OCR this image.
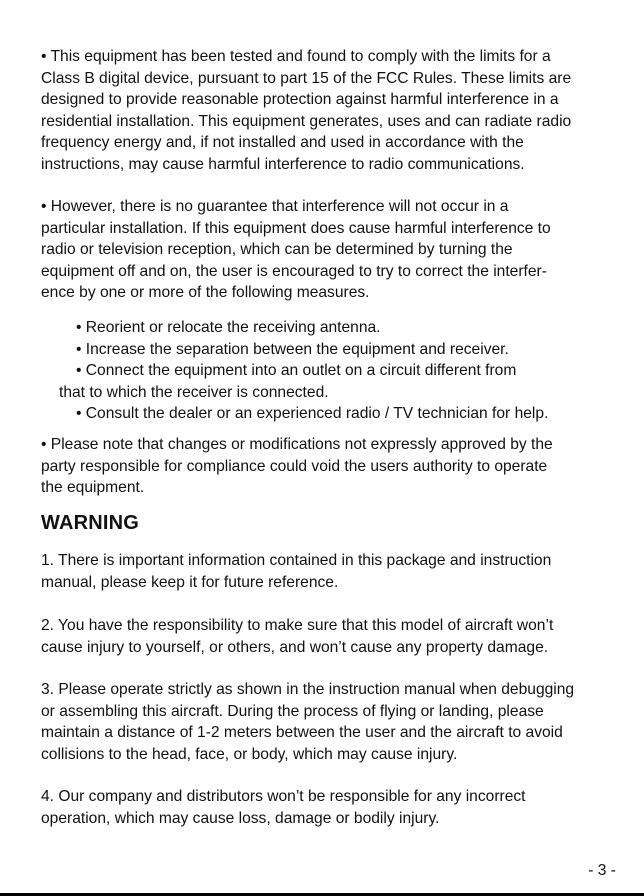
• This equipment has been tested and found to comply with the limits for a
Class B digital device, pursuant to part 15 of the FCC Rules. These limits are
designed to provide reasonable protection against harmful interference in a
residential installation. This equipment generates, uses and can radiate radio
frequency energy and, if not installed and used in accordance with the
instructions, may cause harmful interference to radio communications.
• However, there is no guarantee that interference will not occur in a
particular installation. If this equipment does cause harmful interference to
radio or television reception, which can be determined by turning the
equipment off and on, the user is encouraged to try to correct the interfer-
ence by one or more of the following measures.
• Reorient or relocate the receiving antenna.
• Increase the separation between the equipment and receiver.
• Connect the equipment into an outlet on a circuit different from
that to which the receiver is connected.
• Consult the dealer or an experienced radio / TV technician for help.
• Please note that changes or modifications not expressly approved by the
party responsible for compliance could void the users authority to operate
the equipment.
WARNING
1. There is important information contained in this package and instruction
manual, please keep it for future reference.
2. You have the responsibility to make sure that this model of aircraft won’t
cause injury to yourself, or others, and won’t cause any property damage.
3. Please operate strictly as shown in the instruction manual when debugging
or assembling this aircraft. During the process of flying or landing, please
maintain a distance of 1-2 meters between the user and the aircraft to avoid
collisions to the head, face, or body, which may cause injury.
4. Our company and distributors won’t be responsible for any incorrect
operation, which may cause loss, damage or bodily injury.
- 3 -
